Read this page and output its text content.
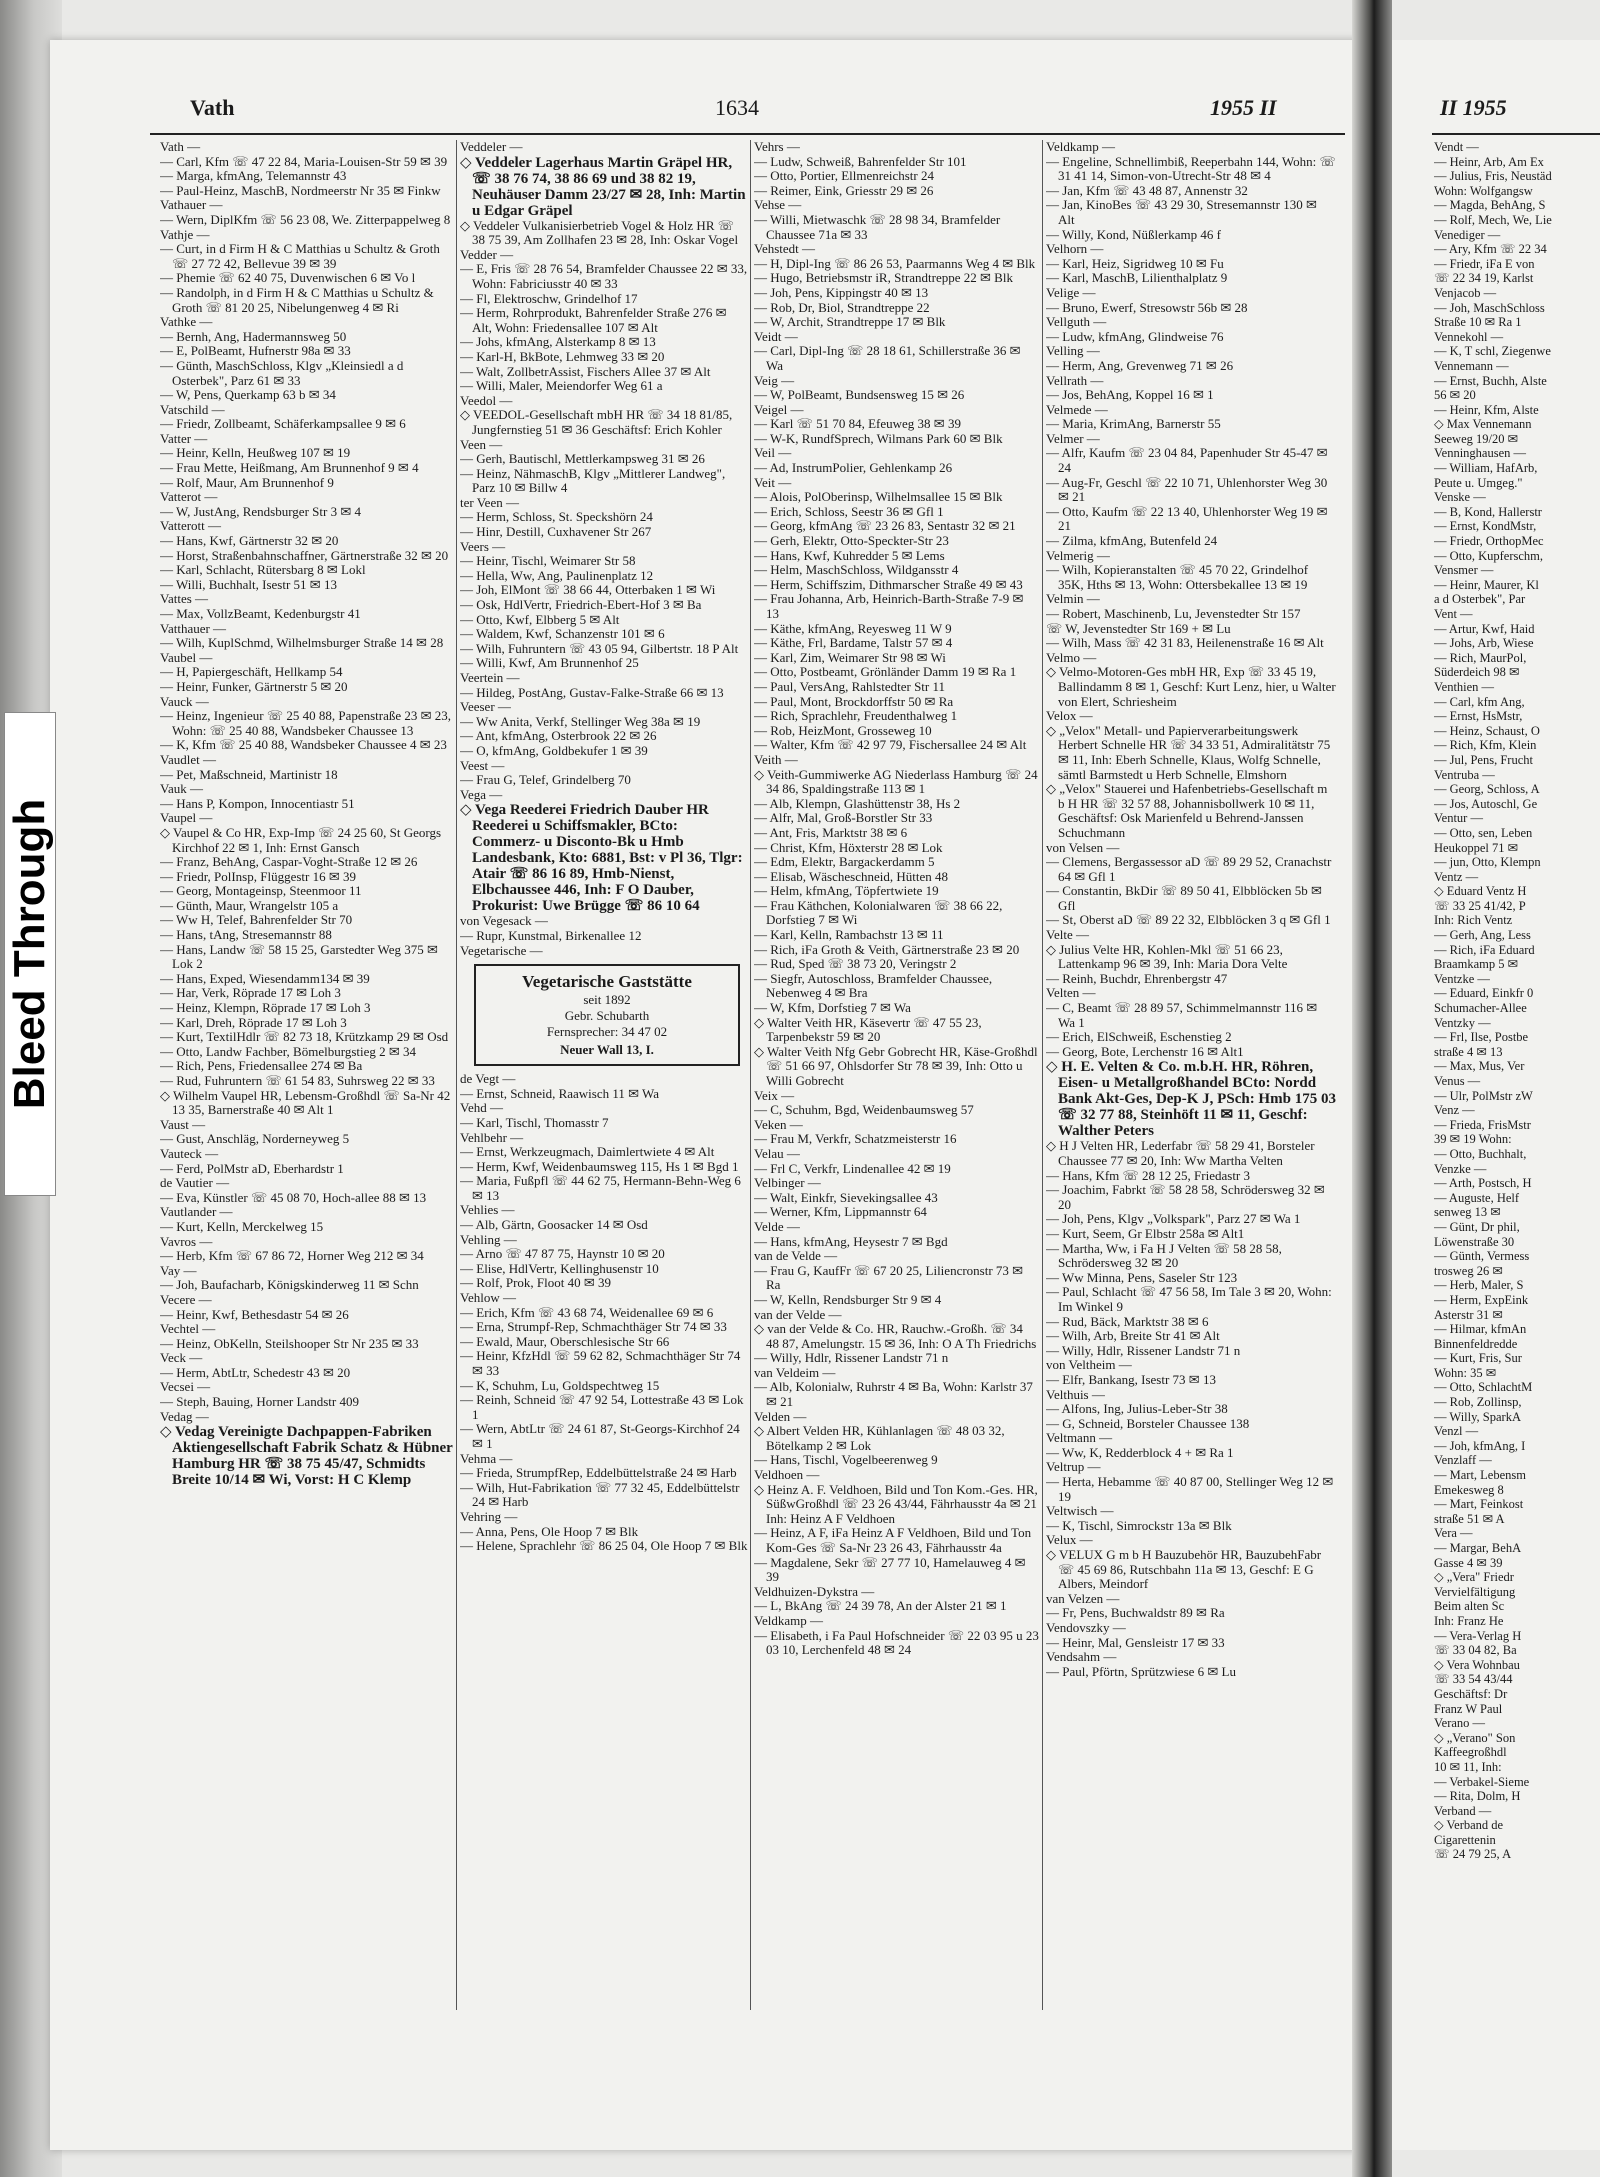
Vath	1634	1955 II	II 1955
Bleed Through

Vath —

— Carl, Kfm ☏ 47 22 84, Maria-Louisen-Str 59 ✉ 39

— Marga, kfmAng, Telemannstr 43

— Paul-Heinz, MaschB, Nordmeerstr Nr 35 ✉ Finkw

Vathauer —

— Wern, DiplKfm ☏ 56 23 08, We. Zitterpappelweg 8

Vathje —

— Curt, in d Firm H & C Matthias u Schultz & Groth ☏ 27 72 42, Bellevue 39 ✉ 39

— Phemie ☏ 62 40 75, Duvenwischen 6 ✉ Vo l

— Randolph, in d Firm H & C Matthias u Schultz & Groth ☏ 81 20 25, Nibelungenweg 4 ✉ Ri

Vathke —

— Bernh, Ang, Hadermannsweg 50

— E, PolBeamt, Hufnerstr 98a ✉ 33

— Günth, MaschSchloss, Klgv „Kleinsiedl a d Osterbek", Parz 61 ✉ 33

— W, Pens, Querkamp 63 b ✉ 34

Vatschild —

— Friedr, Zollbeamt, Schäferkampsallee 9 ✉ 6

Vatter —

— Heinr, Kelln, Heußweg 107 ✉ 19

— Frau Mette, Heißmang, Am Brunnenhof 9 ✉ 4

— Rolf, Maur, Am Brunnenhof 9

Vatterot —

— W, JustAng, Rendsburger Str 3 ✉ 4

Vatterott —

— Hans, Kwf, Gärtnerstr 32 ✉ 20

— Horst, Straßenbahnschaffner, Gärtnerstraße 32 ✉ 20

— Karl, Schlacht, Rütersbarg 8 ✉ Lokl

— Willi, Buchhalt, Isestr 51 ✉ 13

Vattes —

— Max, VollzBeamt, Kedenburgstr 41

Vatthauer —

— Wilh, KuplSchmd, Wilhelmsburger Straße 14 ✉ 28

Vaubel —

— H, Papiergeschäft, Hellkamp 54

— Heinr, Funker, Gärtnerstr 5 ✉ 20

Vauck —

— Heinz, Ingenieur ☏ 25 40 88, Papenstraße 23 ✉ 23, Wohn: ☏ 25 40 88, Wandsbeker Chaussee 13

— K, Kfm ☏ 25 40 88, Wandsbeker Chaussee 4 ✉ 23

Vaudlet —

— Pet, Maßschneid, Martinistr 18

Vauk —

— Hans P, Kompon, Innocentiastr 51

Vaupel —

◇ Vaupel & Co HR, Exp-Imp ☏ 24 25 60, St Georgs Kirchhof 22 ✉ 1, Inh: Ernst Gansch

— Franz, BehAng, Caspar-Voght-Straße 12 ✉ 26

— Friedr, PolInsp, Flüggestr 16 ✉ 39

— Georg, Montageinsp, Steenmoor 11

— Günth, Maur, Wrangelstr 105 a

— Ww H, Telef, Bahrenfelder Str 70

— Hans, tAng, Stresemannstr 88

— Hans, Landw ☏ 58 15 25, Garstedter Weg 375 ✉ Lok 2

— Hans, Exped, Wiesendamm134 ✉ 39

— Har, Verk, Röprade 17 ✉ Loh 3

— Heinz, Klempn, Röprade 17 ✉ Loh 3

— Karl, Dreh, Röprade 17 ✉ Loh 3

— Kurt, TextilHdlr ☏ 82 73 18, Krützkamp 29 ✉ Osd

— Otto, Landw Fachber, Bömelburgstieg 2 ✉ 34

— Rich, Pens, Friedensallee 274 ✉ Ba

— Rud, Fuhruntern ☏ 61 54 83, Suhrsweg 22 ✉ 33

◇ Wilhelm Vaupel HR, Lebensm-Großhdl ☏ Sa-Nr 42 13 35, Barnerstraße 40 ✉ Alt 1

Vaust —

— Gust, Anschläg, Norderneyweg 5

Vauteck —

— Ferd, PolMstr aD, Eberhardstr 1

de Vautier —

— Eva, Künstler ☏ 45 08 70, Hoch-allee 88 ✉ 13

Vautlander —

— Kurt, Kelln, Merckelweg 15

Vavros —

— Herb, Kfm ☏ 67 86 72, Horner Weg 212 ✉ 34

Vay —

— Joh, Baufacharb, Königskinderweg 11 ✉ Schn

Vecere —

— Heinr, Kwf, Bethesdastr 54 ✉ 26

Vechtel —

— Heinz, ObKelln, Steilshooper Str Nr 235 ✉ 33

Veck —

— Herm, AbtLtr, Schedestr 43 ✉ 20

Vecsei —

— Steph, Bauing, Horner Landstr 409

Vedag —

◇ Vedag Vereinigte Dachpappen-Fabriken Aktiengesellschaft Fabrik Schatz & Hübner Hamburg HR ☏ 38 75 45/47, Schmidts Breite 10/14 ✉ Wi, Vorst: H C Klemp

Veddeler —

◇ Veddeler Lagerhaus Martin Gräpel HR, ☏ 38 76 74, 38 86 69 und 38 82 19, Neuhäuser Damm 23/27 ✉ 28, Inh: Martin u Edgar Gräpel

◇ Veddeler Vulkanisierbetrieb Vogel & Holz HR ☏ 38 75 39, Am Zollhafen 23 ✉ 28, Inh: Oskar Vogel

Vedder —

— E, Fris ☏ 28 76 54, Bramfelder Chaussee 22 ✉ 33, Wohn: Fabriciusstr 40 ✉ 33

— Fl, Elektroschw, Grindelhof 17

— Herm, Rohrprodukt, Bahrenfelder Straße 276 ✉ Alt, Wohn: Friedensallee 107 ✉ Alt

— Johs, kfmAng, Alsterkamp 8 ✉ 13

— Karl-H, BkBote, Lehmweg 33 ✉ 20

— Walt, ZollbetrAssist, Fischers Allee 37 ✉ Alt

— Willi, Maler, Meiendorfer Weg 61 a

Veedol —

◇ VEEDOL-Gesellschaft mbH HR ☏ 34 18 81/85, Jungfernstieg 51 ✉ 36 Geschäftsf: Erich Kohler

Veen —

— Gerh, Bautischl, Mettlerkampsweg 31 ✉ 26

— Heinz, NähmaschB, Klgv „Mittlerer Landweg", Parz 10 ✉ Billw 4

ter Veen —

— Herm, Schloss, St. Speckshörn 24

— Hinr, Destill, Cuxhavener Str 267

Veers —

— Heinr, Tischl, Weimarer Str 58

— Hella, Ww, Ang, Paulinenplatz 12

— Joh, ElMont ☏ 38 66 44, Otterbaken 1 ✉ Wi

— Osk, HdlVertr, Friedrich-Ebert-Hof 3 ✉ Ba

— Otto, Kwf, Elbberg 5 ✉ Alt

— Waldem, Kwf, Schanzenstr 101 ✉ 6

— Wilh, Fuhruntern ☏ 43 05 94, Gilbertstr. 18 P Alt

— Willi, Kwf, Am Brunnenhof 25

Veertein —

— Hildeg, PostAng, Gustav-Falke-Straße 66 ✉ 13

Veeser —

— Ww Anita, Verkf, Stellinger Weg 38a ✉ 19

— Ant, kfmAng, Osterbrook 22 ✉ 26

— O, kfmAng, Goldbekufer 1 ✉ 39

Veest —

— Frau G, Telef, Grindelberg 70

Vega —

◇ Vega Reederei Friedrich Dauber HR Reederei u Schiffsmakler, BCto: Commerz- u Disconto-Bk u Hmb Landesbank, Kto: 6881, Bst: v Pl 36, Tlgr: Atair ☏ 86 16 89, Hmb-Nienst, Elbchaussee 446, Inh: F O Dauber, Prokurist: Uwe Brügge ☏ 86 10 64

von Vegesack —

— Rupr, Kunstmal, Birkenallee 12

Vegetarische —

Vegetarische Gaststätte
seit 1892
Gebr. Schubarth
Fernsprecher: 34 47 02
Neuer Wall 13, I.

de Vegt —

— Ernst, Schneid, Raawisch 11 ✉ Wa

Vehd —

— Karl, Tischl, Thomasstr 7

Vehlbehr —

— Ernst, Werkzeugmach, Daimlertwiete 4 ✉ Alt

— Herm, Kwf, Weidenbaumsweg 115, Hs 1 ✉ Bgd 1

— Maria, Fußpfl ☏ 44 62 75, Hermann-Behn-Weg 6 ✉ 13

Vehlies —

— Alb, Gärtn, Goosacker 14 ✉ Osd

Vehling —

— Arno ☏ 47 87 75, Haynstr 10 ✉ 20

— Elise, HdlVertr, Kellinghusenstr 10

— Rolf, Prok, Floot 40 ✉ 39

Vehlow —

— Erich, Kfm ☏ 43 68 74, Weidenallee 69 ✉ 6

— Erna, Strumpf-Rep, Schmachthäger Str 74 ✉ 33

— Ewald, Maur, Oberschlesische Str 66

— Heinr, KfzHdl ☏ 59 62 82, Schmachthäger Str 74 ✉ 33

— K, Schuhm, Lu, Goldspechtweg 15

— Reinh, Schneid ☏ 47 92 54, Lottestraße 43 ✉ Lok 1

— Wern, AbtLtr ☏ 24 61 87, St-Georgs-Kirchhof 24 ✉ 1

Vehma —

— Frieda, StrumpfRep, Eddelbüttelstraße 24 ✉ Harb

— Wilh, Hut-Fabrikation ☏ 77 32 45, Eddelbüttelstr 24 ✉ Harb

Vehring —

— Anna, Pens, Ole Hoop 7 ✉ Blk

— Helene, Sprachlehr ☏ 86 25 04, Ole Hoop 7 ✉ Blk

Vehrs —

— Ludw, Schweiß, Bahrenfelder Str 101

— Otto, Portier, Ellmenreichstr 24

— Reimer, Eink, Griesstr 29 ✉ 26

Vehse —

— Willi, Mietwaschk ☏ 28 98 34, Bramfelder Chaussee 71a ✉ 33

Vehstedt —

— H, Dipl-Ing ☏ 86 26 53, Paarmanns Weg 4 ✉ Blk

— Hugo, Betriebsmstr iR, Strandtreppe 22 ✉ Blk

— Joh, Pens, Kippingstr 40 ✉ 13

— Rob, Dr, Biol, Strandtreppe 22

— W, Archit, Strandtreppe 17 ✉ Blk

Veidt —

— Carl, Dipl-Ing ☏ 28 18 61, Schillerstraße 36 ✉ Wa

Veig —

— W, PolBeamt, Bundsensweg 15 ✉ 26

Veigel —

— Karl ☏ 51 70 84, Efeuweg 38 ✉ 39

— W-K, RundfSprech, Wilmans Park 60 ✉ Blk

Veil —

— Ad, InstrumPolier, Gehlenkamp 26

Veit —

— Alois, PolOberinsp, Wilhelmsallee 15 ✉ Blk

— Erich, Schloss, Seestr 36 ✉ Gfl 1

— Georg, kfmAng ☏ 23 26 83, Sentastr 32 ✉ 21

— Gerh, Elektr, Otto-Speckter-Str 23

— Hans, Kwf, Kuhredder 5 ✉ Lems

— Helm, MaschSchloss, Wildgansstr 4

— Herm, Schiffszim, Dithmarscher Straße 49 ✉ 43

— Frau Johanna, Arb, Heinrich-Barth-Straße 7-9 ✉ 13

— Käthe, kfmAng, Reyesweg 11 W 9

— Käthe, Frl, Bardame, Talstr 57 ✉ 4

— Karl, Zim, Weimarer Str 98 ✉ Wi

— Otto, Postbeamt, Grönländer Damm 19 ✉ Ra 1

— Paul, VersAng, Rahlstedter Str 11

— Paul, Mont, Brockdorffstr 50 ✉ Ra

— Rich, Sprachlehr, Freudenthalweg 1

— Rob, HeizMont, Grosseweg 10

— Walter, Kfm ☏ 42 97 79, Fischersallee 24 ✉ Alt

Veith —

◇ Veith-Gummiwerke AG Niederlass Hamburg ☏ 24 34 86, Spaldingstraße 113 ✉ 1

— Alb, Klempn, Glashüttenstr 38, Hs 2

— Alfr, Mal, Groß-Borstler Str 33

— Ant, Fris, Marktstr 38 ✉ 6

— Christ, Kfm, Höxterstr 28 ✉ Lok

— Edm, Elektr, Bargackerdamm 5

— Elisab, Wäscheschneid, Hütten 48

— Helm, kfmAng, Töpfertwiete 19

— Frau Käthchen, Kolonialwaren ☏ 38 66 22, Dorfstieg 7 ✉ Wi

— Karl, Kelln, Rambachstr 13 ✉ 11

— Rich, iFa Groth & Veith, Gärtnerstraße 23 ✉ 20

— Rud, Sped ☏ 38 73 20, Veringstr 2

— Siegfr, Autoschloss, Bramfelder Chaussee, Nebenweg 4 ✉ Bra

— W, Kfm, Dorfstieg 7 ✉ Wa

◇ Walter Veith HR, Käsevertr ☏ 47 55 23, Tarpenbekstr 59 ✉ 20

◇ Walter Veith Nfg Gebr Gobrecht HR, Käse-Großhdl ☏ 51 66 97, Ohlsdorfer Str 78 ✉ 39, Inh: Otto u Willi Gobrecht

Veix —

— C, Schuhm, Bgd, Weidenbaumsweg 57

Veken —

— Frau M, Verkfr, Schatzmeisterstr 16

Velau —

— Frl C, Verkfr, Lindenallee 42 ✉ 19

Velbinger —

— Walt, Einkfr, Sievekingsallee 43

— Werner, Kfm, Lippmannstr 64

Velde —

— Hans, kfmAng, Heysestr 7 ✉ Bgd

van de Velde —

— Frau G, KaufFr ☏ 67 20 25, Liliencronstr 73 ✉ Ra

— W, Kelln, Rendsburger Str 9 ✉ 4

van der Velde —

◇ van der Velde & Co. HR, Rauchw.-Großh. ☏ 34 48 87, Amelungstr. 15 ✉ 36, Inh: O A Th Friedrichs

— Willy, Hdlr, Rissener Landstr 71 n

van Veldeim —

— Alb, Kolonialw, Ruhrstr 4 ✉ Ba, Wohn: Karlstr 37 ✉ 21

Velden —

◇ Albert Velden HR, Kühlanlagen ☏ 48 03 32, Bötelkamp 2 ✉ Lok

— Hans, Tischl, Vogelbeerenweg 9

Veldhoen —

◇ Heinz A. F. Veldhoen, Bild und Ton Kom.-Ges. HR, SüßwGroßhdl ☏ 23 26 43/44, Fährhausstr 4a ✉ 21 Inh: Heinz A F Veldhoen

— Heinz, A F, iFa Heinz A F Veldhoen, Bild und Ton Kom-Ges ☏ Sa-Nr 23 26 43, Fährhausstr 4a

— Magdalene, Sekr ☏ 27 77 10, Hamelauweg 4 ✉ 39

Veldhuizen-Dykstra —

— L, BkAng ☏ 24 39 78, An der Alster 21 ✉ 1

Veldkamp —

— Elisabeth, i Fa Paul Hofschneider ☏ 22 03 95 u 23 03 10, Lerchenfeld 48 ✉ 24

Veldkamp —

— Engeline, Schnellimbiß, Reeperbahn 144, Wohn: ☏ 31 41 14, Simon-von-Utrecht-Str 48 ✉ 4

— Jan, Kfm ☏ 43 48 87, Annenstr 32

— Jan, KinoBes ☏ 43 29 30, Stresemannstr 130 ✉ Alt

— Willy, Kond, Nüßlerkamp 46 f

Velhorn —

— Karl, Heiz, Sigridweg 10 ✉ Fu

— Karl, MaschB, Lilienthalplatz 9

Velige —

— Bruno, Ewerf, Stresowstr 56b ✉ 28

Vellguth —

— Ludw, kfmAng, Glindweise 76

Velling —

— Herm, Ang, Grevenweg 71 ✉ 26

Vellrath —

— Jos, BehAng, Koppel 16 ✉ 1

Velmede —

— Maria, KrimAng, Barnerstr 55

Velmer —

— Alfr, Kaufm ☏ 23 04 84, Papenhuder Str 45-47 ✉ 24

— Aug-Fr, Geschl ☏ 22 10 71, Uhlenhorster Weg 30 ✉ 21

— Otto, Kaufm ☏ 22 13 40, Uhlenhorster Weg 19 ✉ 21

— Zilma, kfmAng, Butenfeld 24

Velmerig —

— Wilh, Kopieranstalten ☏ 45 70 22, Grindelhof 35K, Hths ✉ 13, Wohn: Ottersbekallee 13 ✉ 19

Velmin —

— Robert, Maschinenb, Lu, Jevenstedter Str 157

☏ W, Jevenstedter Str 169 + ✉ Lu

— Wilh, Mass ☏ 42 31 83, Heilenenstraße 16 ✉ Alt

Velmo —

◇ Velmo-Motoren-Ges mbH HR, Exp ☏ 33 45 19, Ballindamm 8 ✉ 1, Geschf: Kurt Lenz, hier, u Walter von Elert, Schriesheim

Velox —

◇ „Velox" Metall- und Papierverarbeitungswerk Herbert Schnelle HR ☏ 34 33 51, Admiralitätstr 75 ✉ 11, Inh: Eberh Schnelle, Klaus, Wolfg Schnelle, sämtl Barmstedt u Herb Schnelle, Elmshorn

◇ „Velox" Stauerei und Hafenbetriebs-Gesellschaft m b H HR ☏ 32 57 88, Johannisbollwerk 10 ✉ 11, Geschäftsf: Osk Marienfeld u Behrend-Janssen Schuchmann

von Velsen —

— Clemens, Bergassessor aD ☏ 89 29 52, Cranachstr 64 ✉ Gfl 1

— Constantin, BkDir ☏ 89 50 41, Elbblöcken 5b ✉ Gfl

— St, Oberst aD ☏ 89 22 32, Elbblöcken 3 q ✉ Gfl 1

Velte —

◇ Julius Velte HR, Kohlen-Mkl ☏ 51 66 23, Lattenkamp 96 ✉ 39, Inh: Maria Dora Velte

— Reinh, Buchdr, Ehrenbergstr 47

Velten —

— C, Beamt ☏ 28 89 57, Schimmelmannstr 116 ✉ Wa 1

— Erich, ElSchweiß, Eschenstieg 2

— Georg, Bote, Lerchenstr 16 ✉ Alt1

◇ H. E. Velten & Co. m.b.H. HR, Röhren, Eisen- u Metallgroßhandel BCto: Nordd Bank Akt-Ges, Dep-K J, PSch: Hmb 175 03 ☏ 32 77 88, Steinhöft 11 ✉ 11, Geschf: Walther Peters

◇ H J Velten HR, Lederfabr ☏ 58 29 41, Borsteler Chaussee 77 ✉ 20, Inh: Ww Martha Velten

— Hans, Kfm ☏ 28 12 25, Friedastr 3

— Joachim, Fabrkt ☏ 58 28 58, Schrödersweg 32 ✉ 20

— Joh, Pens, Klgv „Volkspark", Parz 27 ✉ Wa 1

— Kurt, Seem, Gr Elbstr 258a ✉ Alt1

— Martha, Ww, i Fa H J Velten ☏ 58 28 58, Schrödersweg 32 ✉ 20

— Ww Minna, Pens, Saseler Str 123

— Paul, Schlacht ☏ 47 56 58, Im Tale 3 ✉ 20, Wohn: Im Winkel 9

— Rud, Bäck, Marktstr 38 ✉ 6

— Wilh, Arb, Breite Str 41 ✉ Alt

— Willy, Hdlr, Rissener Landstr 71 n

von Veltheim —

— Elfr, Bankang, Isestr 73 ✉ 13

Velthuis —

— Alfons, Ing, Julius-Leber-Str 38

— G, Schneid, Borsteler Chaussee 138

Veltmann —

— Ww, K, Redderblock 4 + ✉ Ra 1

Veltrup —

— Herta, Hebamme ☏ 40 87 00, Stellinger Weg 12 ✉ 19

Veltwisch —

— K, Tischl, Simrockstr 13a ✉ Blk

Velux —

◇ VELUX G m b H Bauzubehör HR, BauzubehFabr ☏ 45 69 86, Rutschbahn 11a ✉ 13, Geschf: E G Albers, Meindorf

van Velzen —

— Fr, Pens, Buchwaldstr 89 ✉ Ra

Vendovszky —

— Heinr, Mal, Gensleistr 17 ✉ 33

Vendsahm —

— Paul, Pförtn, Sprützwiese 6 ✉ Lu

Vendt —

— Heinr, Arb, Am Ex

— Julius, Fris, Neustäd

Wohn: Wolfgangsw

— Magda, BehAng, S

— Rolf, Mech, We, Lie

Venediger —

— Ary, Kfm ☏ 22 34

— Friedr, iFa E von

☏ 22 34 19, Karlst

Venjacob —

— Joh, MaschSchloss

Straße 10 ✉ Ra 1

Vennekohl —

— K, T schl, Ziegenwe

Vennemann —

— Ernst, Buchh, Alste

56 ✉ 20

— Heinr, Kfm, Alste

◇ Max Vennemann

Seeweg 19/20 ✉

Venninghausen —

— William, HafArb,

Peute u. Umgeg."

Venske —

— B, Kond, Hallerstr

— Ernst, KondMstr,

— Friedr, OrthopMec

— Otto, Kupferschm,

Vensmer —

— Heinr, Maurer, Kl

a d Osterbek", Par

Vent —

— Artur, Kwf, Haid

— Johs, Arb, Wiese

— Rich, MaurPol,

Süderdeich 98 ✉

Venthien —

— Carl, kfm Ang,

— Ernst, HsMstr,

— Heinz, Schaust, O

— Rich, Kfm, Klein

— Jul, Pens, Frucht

Ventruba —

— Georg, Schloss, A

— Jos, Autoschl, Ge

Ventur —

— Otto, sen, Leben

Heukoppel 71 ✉

— jun, Otto, Klempn

Ventz —

◇ Eduard Ventz H

☏ 33 25 41/42, P

Inh: Rich Ventz

— Gerh, Ang, Less

— Rich, iFa Eduard

Braamkamp 5 ✉

Ventzke —

— Eduard, Einkfr 0

Schumacher-Allee

Ventzky —

— Frl, Ilse, Postbe

straße 4 ✉ 13

— Max, Mus, Ver

Venus —

— Ulr, PolMstr zW

Venz —

— Frieda, FrisMstr

39 ✉ 19 Wohn:

— Otto, Buchhalt,

Venzke —

— Arth, Postsch, H

— Auguste, Helf

senweg 13 ✉

— Günt, Dr phil,

Löwenstraße 30

— Günth, Vermess

trosweg 26 ✉

— Herb, Maler, S

— Herm, ExpEink

Asterstr 31 ✉

— Hilmar, kfmAn

Binnenfeldredde

— Kurt, Fris, Sur

Wohn: 35 ✉

— Otto, SchlachtM

— Rob, Zollinsp,

— Willy, SparkA

Venzl —

— Joh, kfmAng, I

Venzlaff —

— Mart, Lebensm

Emekesweg 8

— Mart, Feinkost

straße 51 ✉ A

Vera —

— Margar, BehA

Gasse 4 ✉ 39

◇ „Vera" Friedr

Vervielfältigung

Beim alten Sc

Inh: Franz He

— Vera-Verlag H

☏ 33 04 82, Ba

◇ Vera Wohnbau

☏ 33 54 43/44

Geschäftsf: Dr

Franz W Paul

Verano —

◇ „Verano" Son

Kaffeegroßhdl

10 ✉ 11, Inh:

— Verbakel-Sieme

— Rita, Dolm, H

Verband —

◇ Verband de

Cigarettenin

☏ 24 79 25, A
